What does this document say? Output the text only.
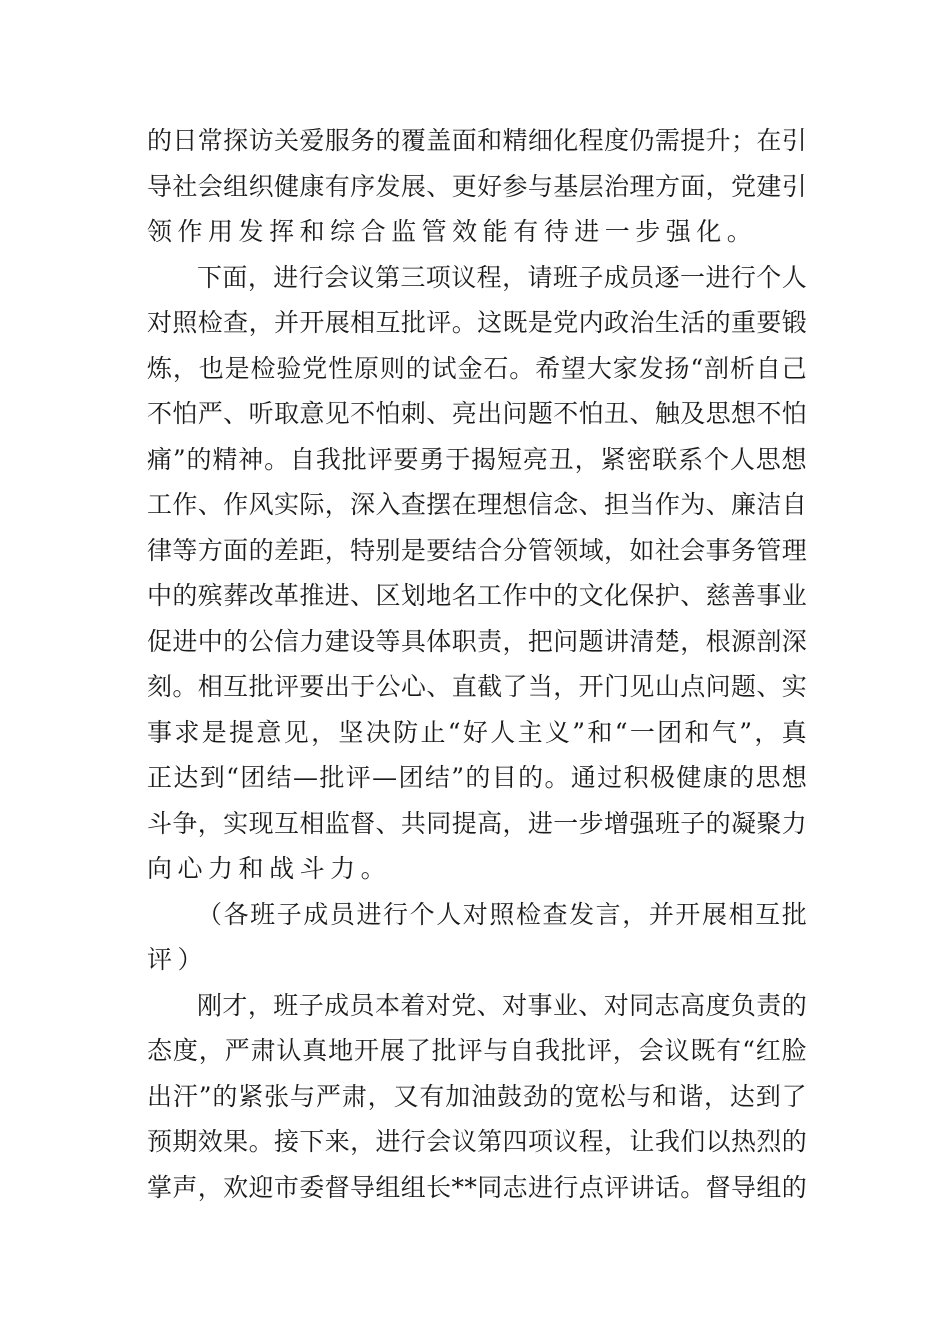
的 日 常 探 访 关 爱 服 务 的 覆 盖 面 和 精 细 化 程 度 仍 需 提 升 ； 在 引
导 社 会 组 织 健 康 有 序 发 展 、 更 好 参 与 基 层 治 理 方 面 ， 党 建 引
领 作 用 发 挥 和 综 合 监 管 效 能 有 待 进 一 步 强 化 。
下 面 ， 进 行 会 议 第 三 项 议 程 ， 请 班 子 成 员 逐 一 进 行 个 人
对 照 检 查 ， 并 开 展 相 互 批 评 。 这 既 是 党 内 政 治 生 活 的 重 要 锻
炼 ， 也 是 检 验 党 性 原 则 的 试 金 石 。 希 望 大 家 发 扬 “ 剖 析 自 己
不 怕 严 、 听 取 意 见 不 怕 刺 、 亮 出 问 题 不 怕 丑 、 触 及 思 想 不 怕
痛 ” 的 精 神 。 自 我 批 评 要 勇 于 揭 短 亮 丑 ， 紧 密 联 系 个 人 思 想
工 作 、 作 风 实 际 ， 深 入 查 摆 在 理 想 信 念 、 担 当 作 为 、 廉 洁 自
律 等 方 面 的 差 距 ， 特 别 是 要 结 合 分 管 领 域 ， 如 社 会 事 务 管 理
中 的 殡 葬 改 革 推 进 、 区 划 地 名 工 作 中 的 文 化 保 护 、 慈 善 事 业
促 进 中 的 公 信 力 建 设 等 具 体 职 责 ， 把 问 题 讲 清 楚 ， 根 源 剖 深
刻 。 相 互 批 评 要 出 于 公 心 、 直 截 了 当 ， 开 门 见 山 点 问 题 、 实
事 求 是 提 意 见 ， 坚 决 防 止 “ 好 人 主 义 ” 和 “ 一 团 和 气 ” ， 真
正 达 到 “ 团 结 — 批 评 — 团 结 ” 的 目 的 。 通 过 积 极 健 康 的 思 想
斗 争 ， 实 现 互 相 监 督 、 共 同 提 高 ， 进 一 步 增 强 班 子 的 凝 聚 力
向 心 力 和 战 斗 力 。
（ 各 班 子 成 员 进 行 个 人 对 照 检 查 发 言 ， 并 开 展 相 互 批
评 ）
刚 才 ， 班 子 成 员 本 着 对 党 、 对 事 业 、 对 同 志 高 度 负 责 的
态 度 ， 严 肃 认 真 地 开 展 了 批 评 与 自 我 批 评 ， 会 议 既 有 “ 红 脸
出 汗 ” 的 紧 张 与 严 肃 ， 又 有 加 油 鼓 劲 的 宽 松 与 和 谐 ， 达 到 了
预 期 效 果 。 接 下 来 ， 进 行 会 议 第 四 项 议 程 ， 让 我 们 以 热 烈 的
掌 声 ， 欢 迎 市 委 督 导 组 组 长 * * 同 志 进 行 点 评 讲 话 。 督 导 组 的
